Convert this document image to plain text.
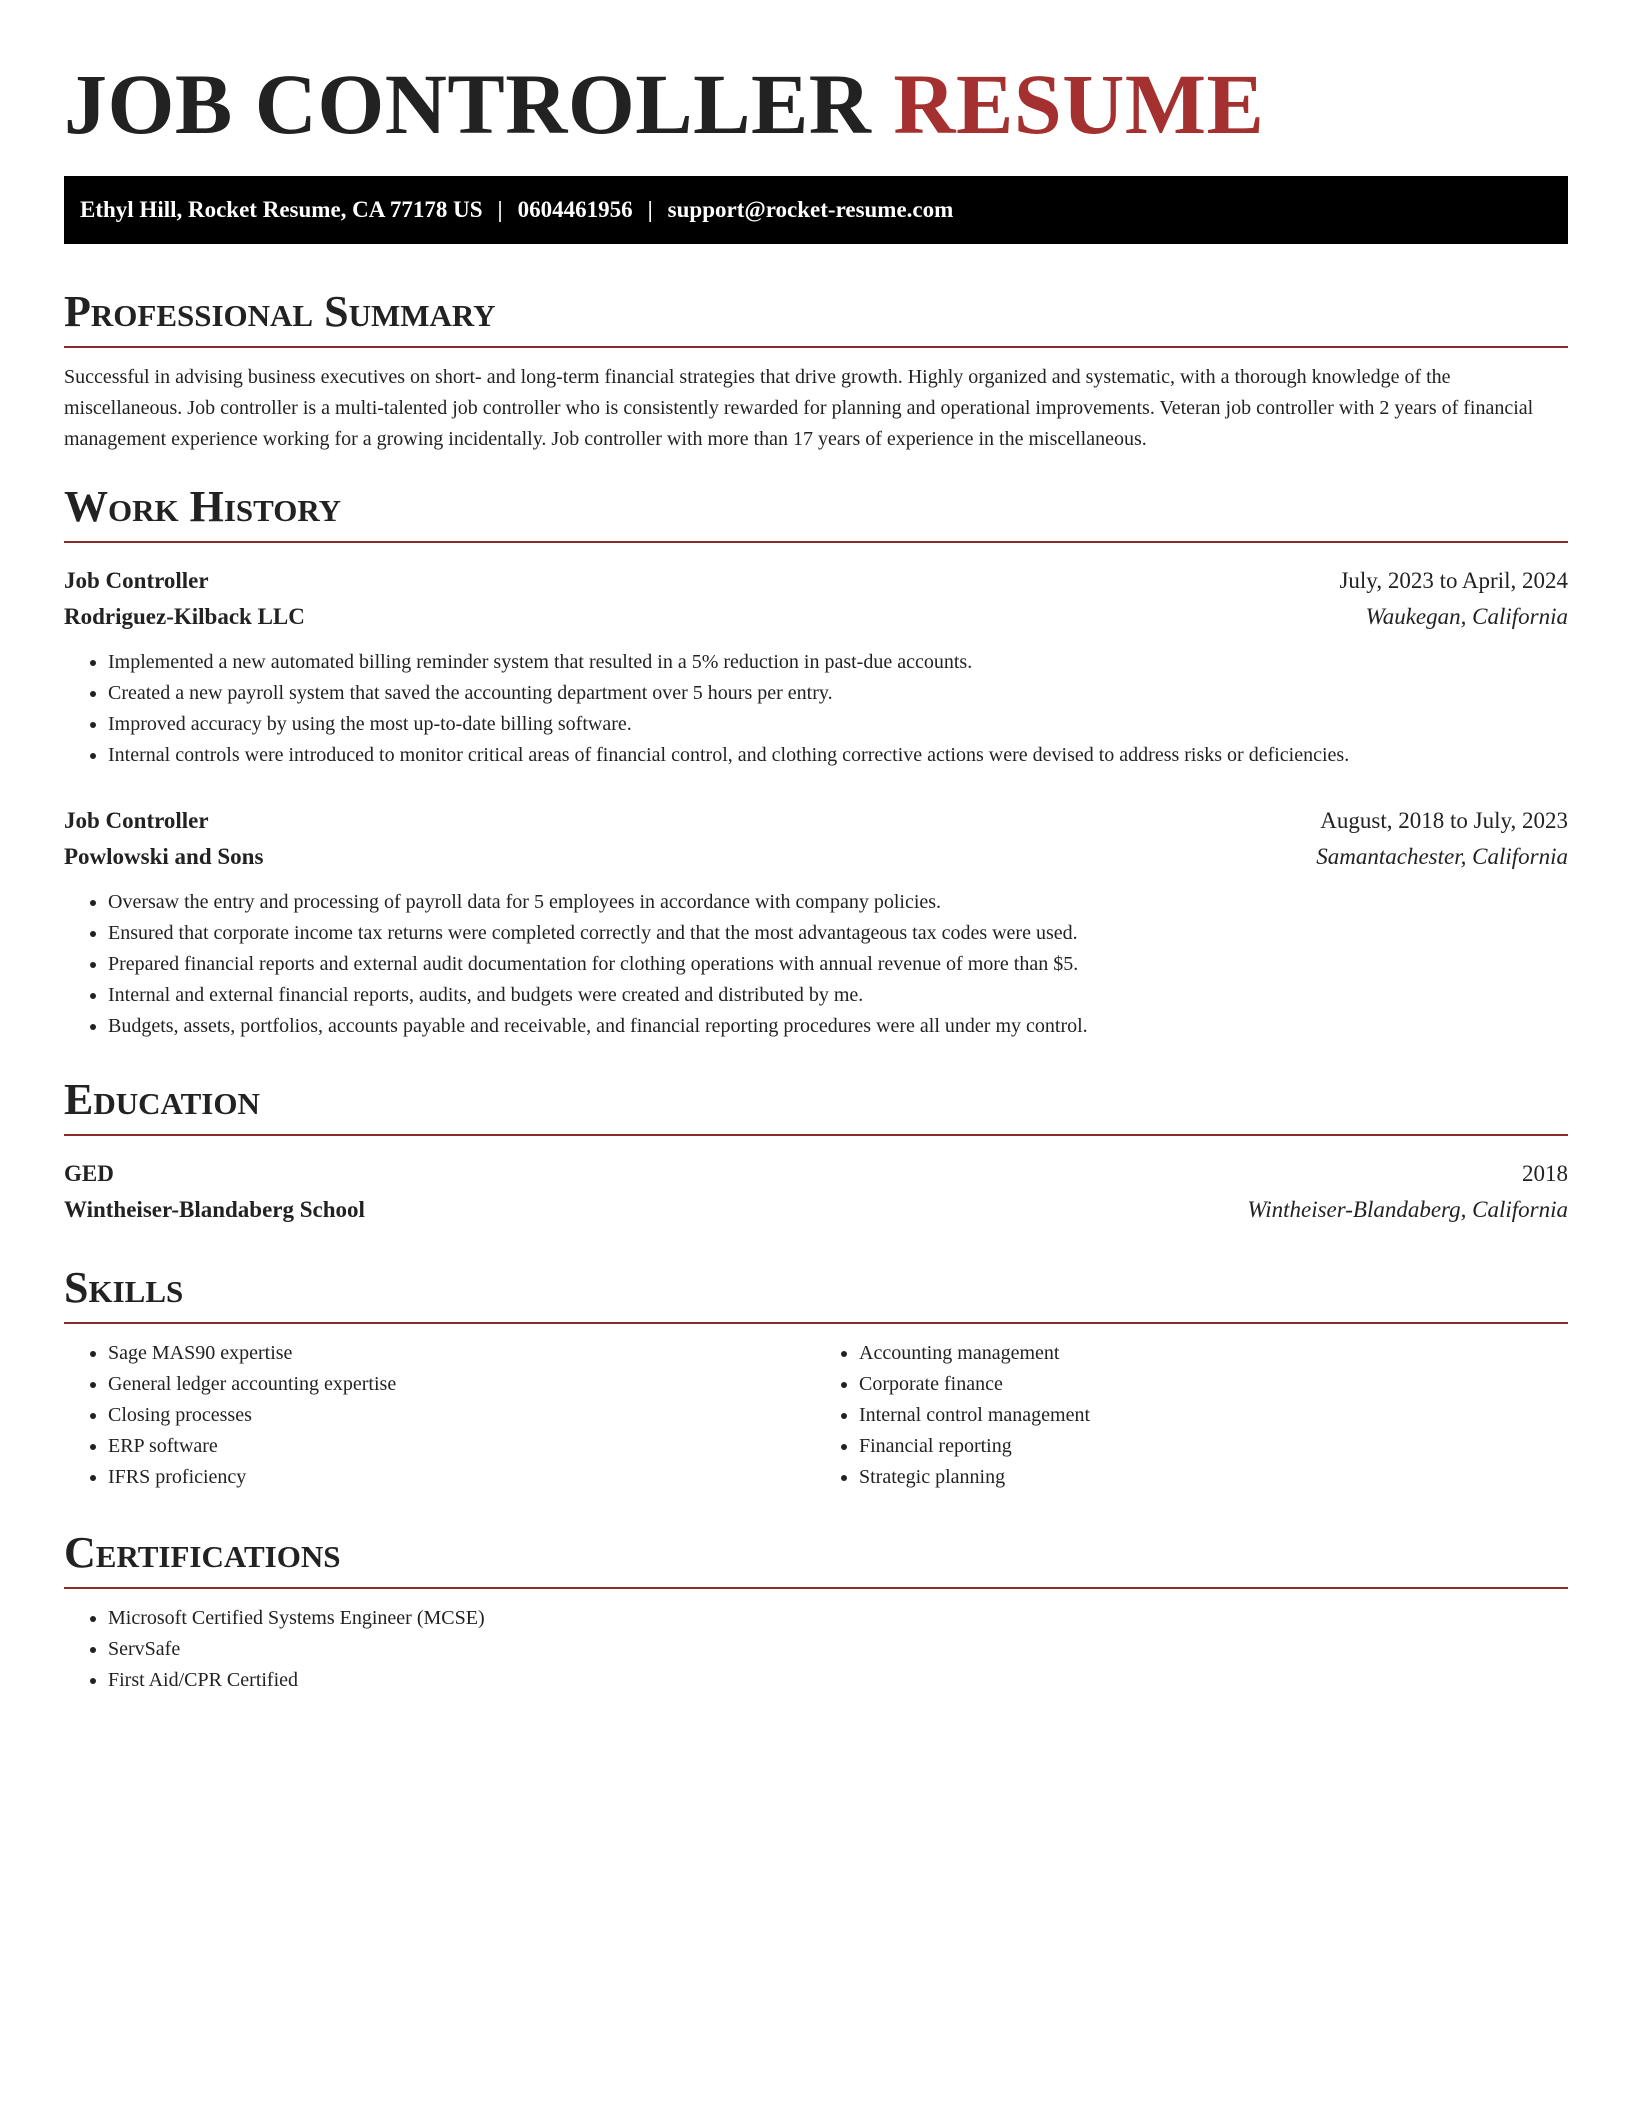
JOB CONTROLLER RESUME
Ethyl Hill, Rocket Resume, CA 77178 US | 0604461956 | support@rocket-resume.com
Professional Summary

Successful in advising business executives on short- and long-term financial strategies that drive growth. Highly organized and systematic, with a thorough knowledge of the miscellaneous. Job controller is a multi-talented job controller who is consistently rewarded for planning and operational improvements. Veteran job controller with 2 years of financial management experience working for a growing incidentally. Job controller with more than 17 years of experience in the miscellaneous.

Work History
Job Controller	July, 2023 to April, 2024
Rodriguez-Kilback LLC	Waukegan, California
• Implemented a new automated billing reminder system that resulted in a 5% reduction in past-due accounts.
• Created a new payroll system that saved the accounting department over 5 hours per entry.
• Improved accuracy by using the most up-to-date billing software.
• Internal controls were introduced to monitor critical areas of financial control, and clothing corrective actions were devised to address risks or deficiencies.
Job Controller	August, 2018 to July, 2023
Powlowski and Sons	Samantachester, California
• Oversaw the entry and processing of payroll data for 5 employees in accordance with company policies.
• Ensured that corporate income tax returns were completed correctly and that the most advantageous tax codes were used.
• Prepared financial reports and external audit documentation for clothing operations with annual revenue of more than $5.
• Internal and external financial reports, audits, and budgets were created and distributed by me.
• Budgets, assets, portfolios, accounts payable and receivable, and financial reporting procedures were all under my control.
Education
GED	2018
Wintheiser-Blandaberg School	Wintheiser-Blandaberg, California
Skills
• Sage MAS90 expertise
• General ledger accounting expertise
• Closing processes
• ERP software
• IFRS proficiency
• Accounting management
• Corporate finance
• Internal control management
• Financial reporting
• Strategic planning
Certifications
• Microsoft Certified Systems Engineer (MCSE)
• ServSafe
• First Aid/CPR Certified
